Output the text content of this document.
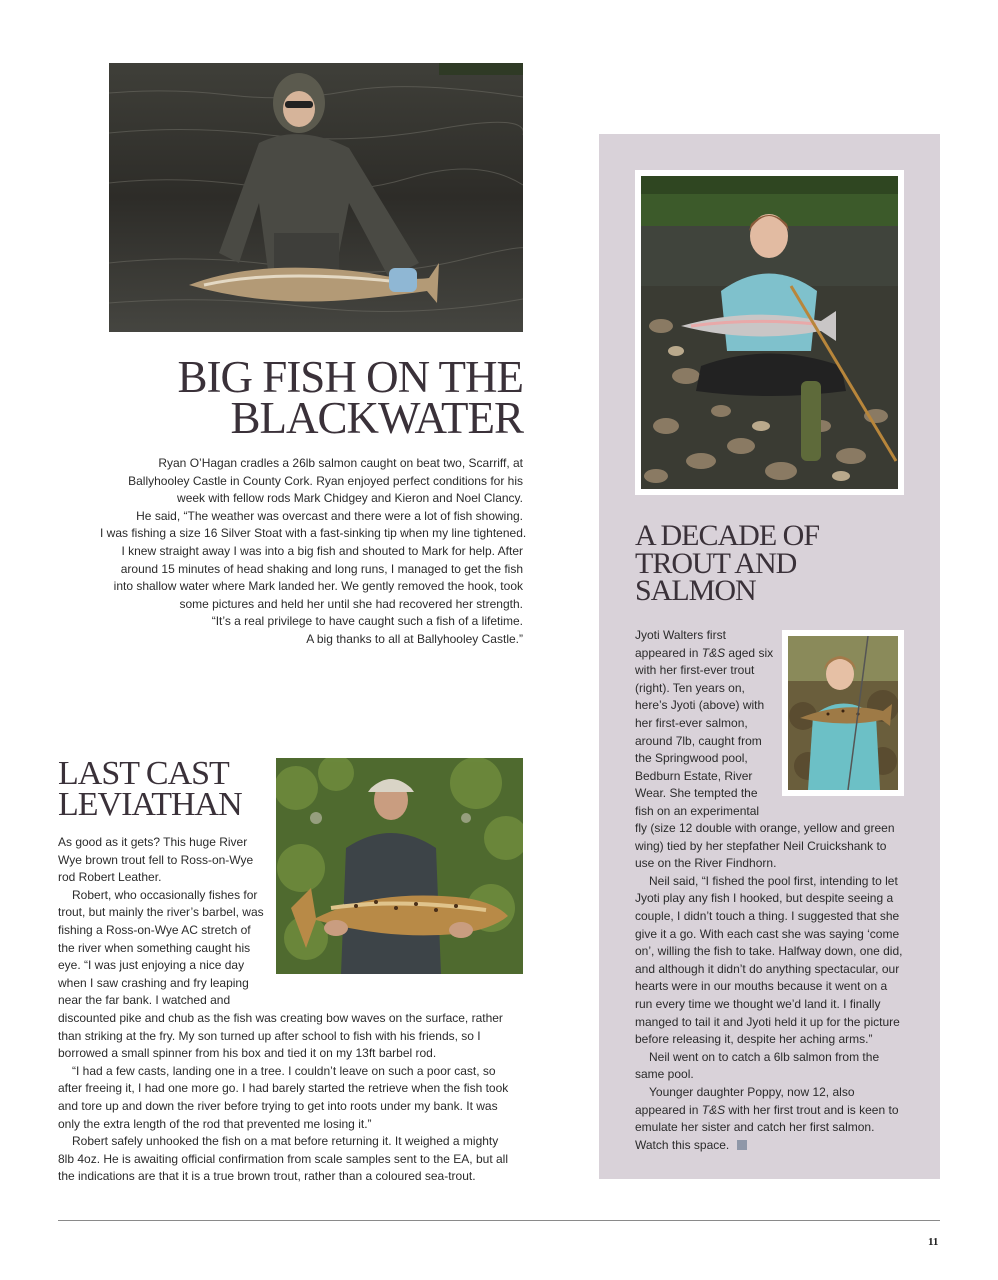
BIG FISH ON THE
BLACKWATER
Ryan O’Hagan cradles a 26lb salmon caught on beat two, Scarriff, at
Ballyhooley Castle in County Cork. Ryan enjoyed perfect conditions for his
week with fellow rods Mark Chidgey and Kieron and Noel Clancy.
He said, “The weather was overcast and there were a lot of fish showing.
I was fishing a size 16 Silver Stoat with a fast-sinking tip when my line tightened.
I knew straight away I was into a big fish and shouted to Mark for help. After
around 15 minutes of head shaking and long runs, I managed to get the fish
into shallow water where Mark landed her. We gently removed the hook, took
some pictures and held her until she had recovered her strength.
“It’s a real privilege to have caught such a fish of a lifetime.
A big thanks to all at Ballyhooley Castle.”
LAST CAST
LEVIATHAN
As good as it gets? This huge River
Wye brown trout fell to Ross-on-Wye
rod Robert Leather.
Robert, who occasionally fishes for
trout, but mainly the river’s barbel, was
fishing a Ross-on-Wye AC stretch of
the river when something caught his
eye. “I was just enjoying a nice day
when I saw crashing and fry leaping
near the far bank. I watched and

discounted pike and chub as the fish was creating bow waves on the surface, rather than striking at the fry. My son turned up after school to fish with his friends, so I borrowed a small spinner from his box and tied it on my 13ft barbel rod.

“I had a few casts, landing one in a tree. I couldn’t leave on such a poor cast, so after freeing it, I had one more go. I had barely started the retrieve when the fish took and tore up and down the river before trying to get into roots under my bank. It was only the extra length of the rod that prevented me losing it.”

Robert safely unhooked the fish on a mat before returning it. It weighed a mighty 8lb 4oz. He is awaiting official confirmation from scale samples sent to the EA, but all the indications are that it is a true brown trout, rather than a coloured sea-trout.

A DECADE OF
TROUT AND
SALMON
Jyoti Walters first
appeared in T&S aged six
with her first-ever trout
(right). Ten years on,
here’s Jyoti (above) with
her first-ever salmon,
around 7lb, caught from
the Springwood pool,
Bedburn Estate, River
Wear. She tempted the
fish on an experimental

fly (size 12 double with orange, yellow and green wing) tied by her stepfather Neil Cruickshank to use on the River Findhorn.

Neil said, “I fished the pool first, intending to let Jyoti play any fish I hooked, but despite seeing a couple, I didn’t touch a thing. I suggested that she give it a go. With each cast she was saying ‘come on’, willing the fish to take. Halfway down, one did, and although it didn’t do anything spectacular, our hearts were in our mouths because it went on a run every time we thought we’d land it. I finally manged to tail it and Jyoti held it up for the picture before releasing it, despite her aching arms.”

Neil went on to catch a 6lb salmon from the same pool.

Younger daughter Poppy, now 12, also appeared in T&S with her first trout and is keen to emulate her sister and catch her first salmon.

Watch this space.

11
